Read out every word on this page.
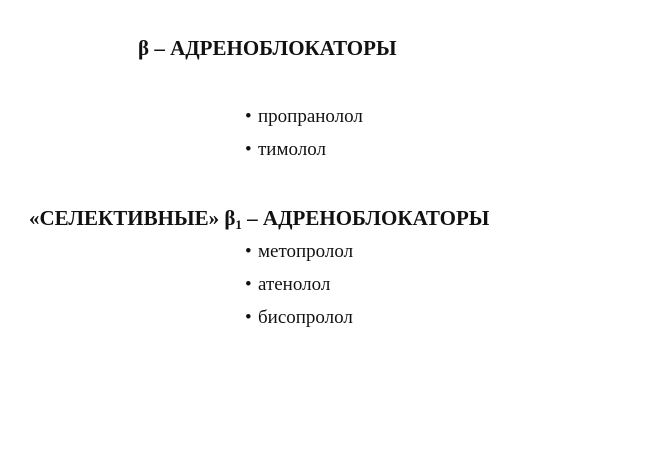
β – АДРЕНОБЛОКАТОРЫ
• пропранолол
• тимолол
«СЕЛЕКТИВНЫЕ» $\beta_1$ – АДРЕНОБЛОКАТОРЫ
• метопролол
• атенолол
• бисопролол
